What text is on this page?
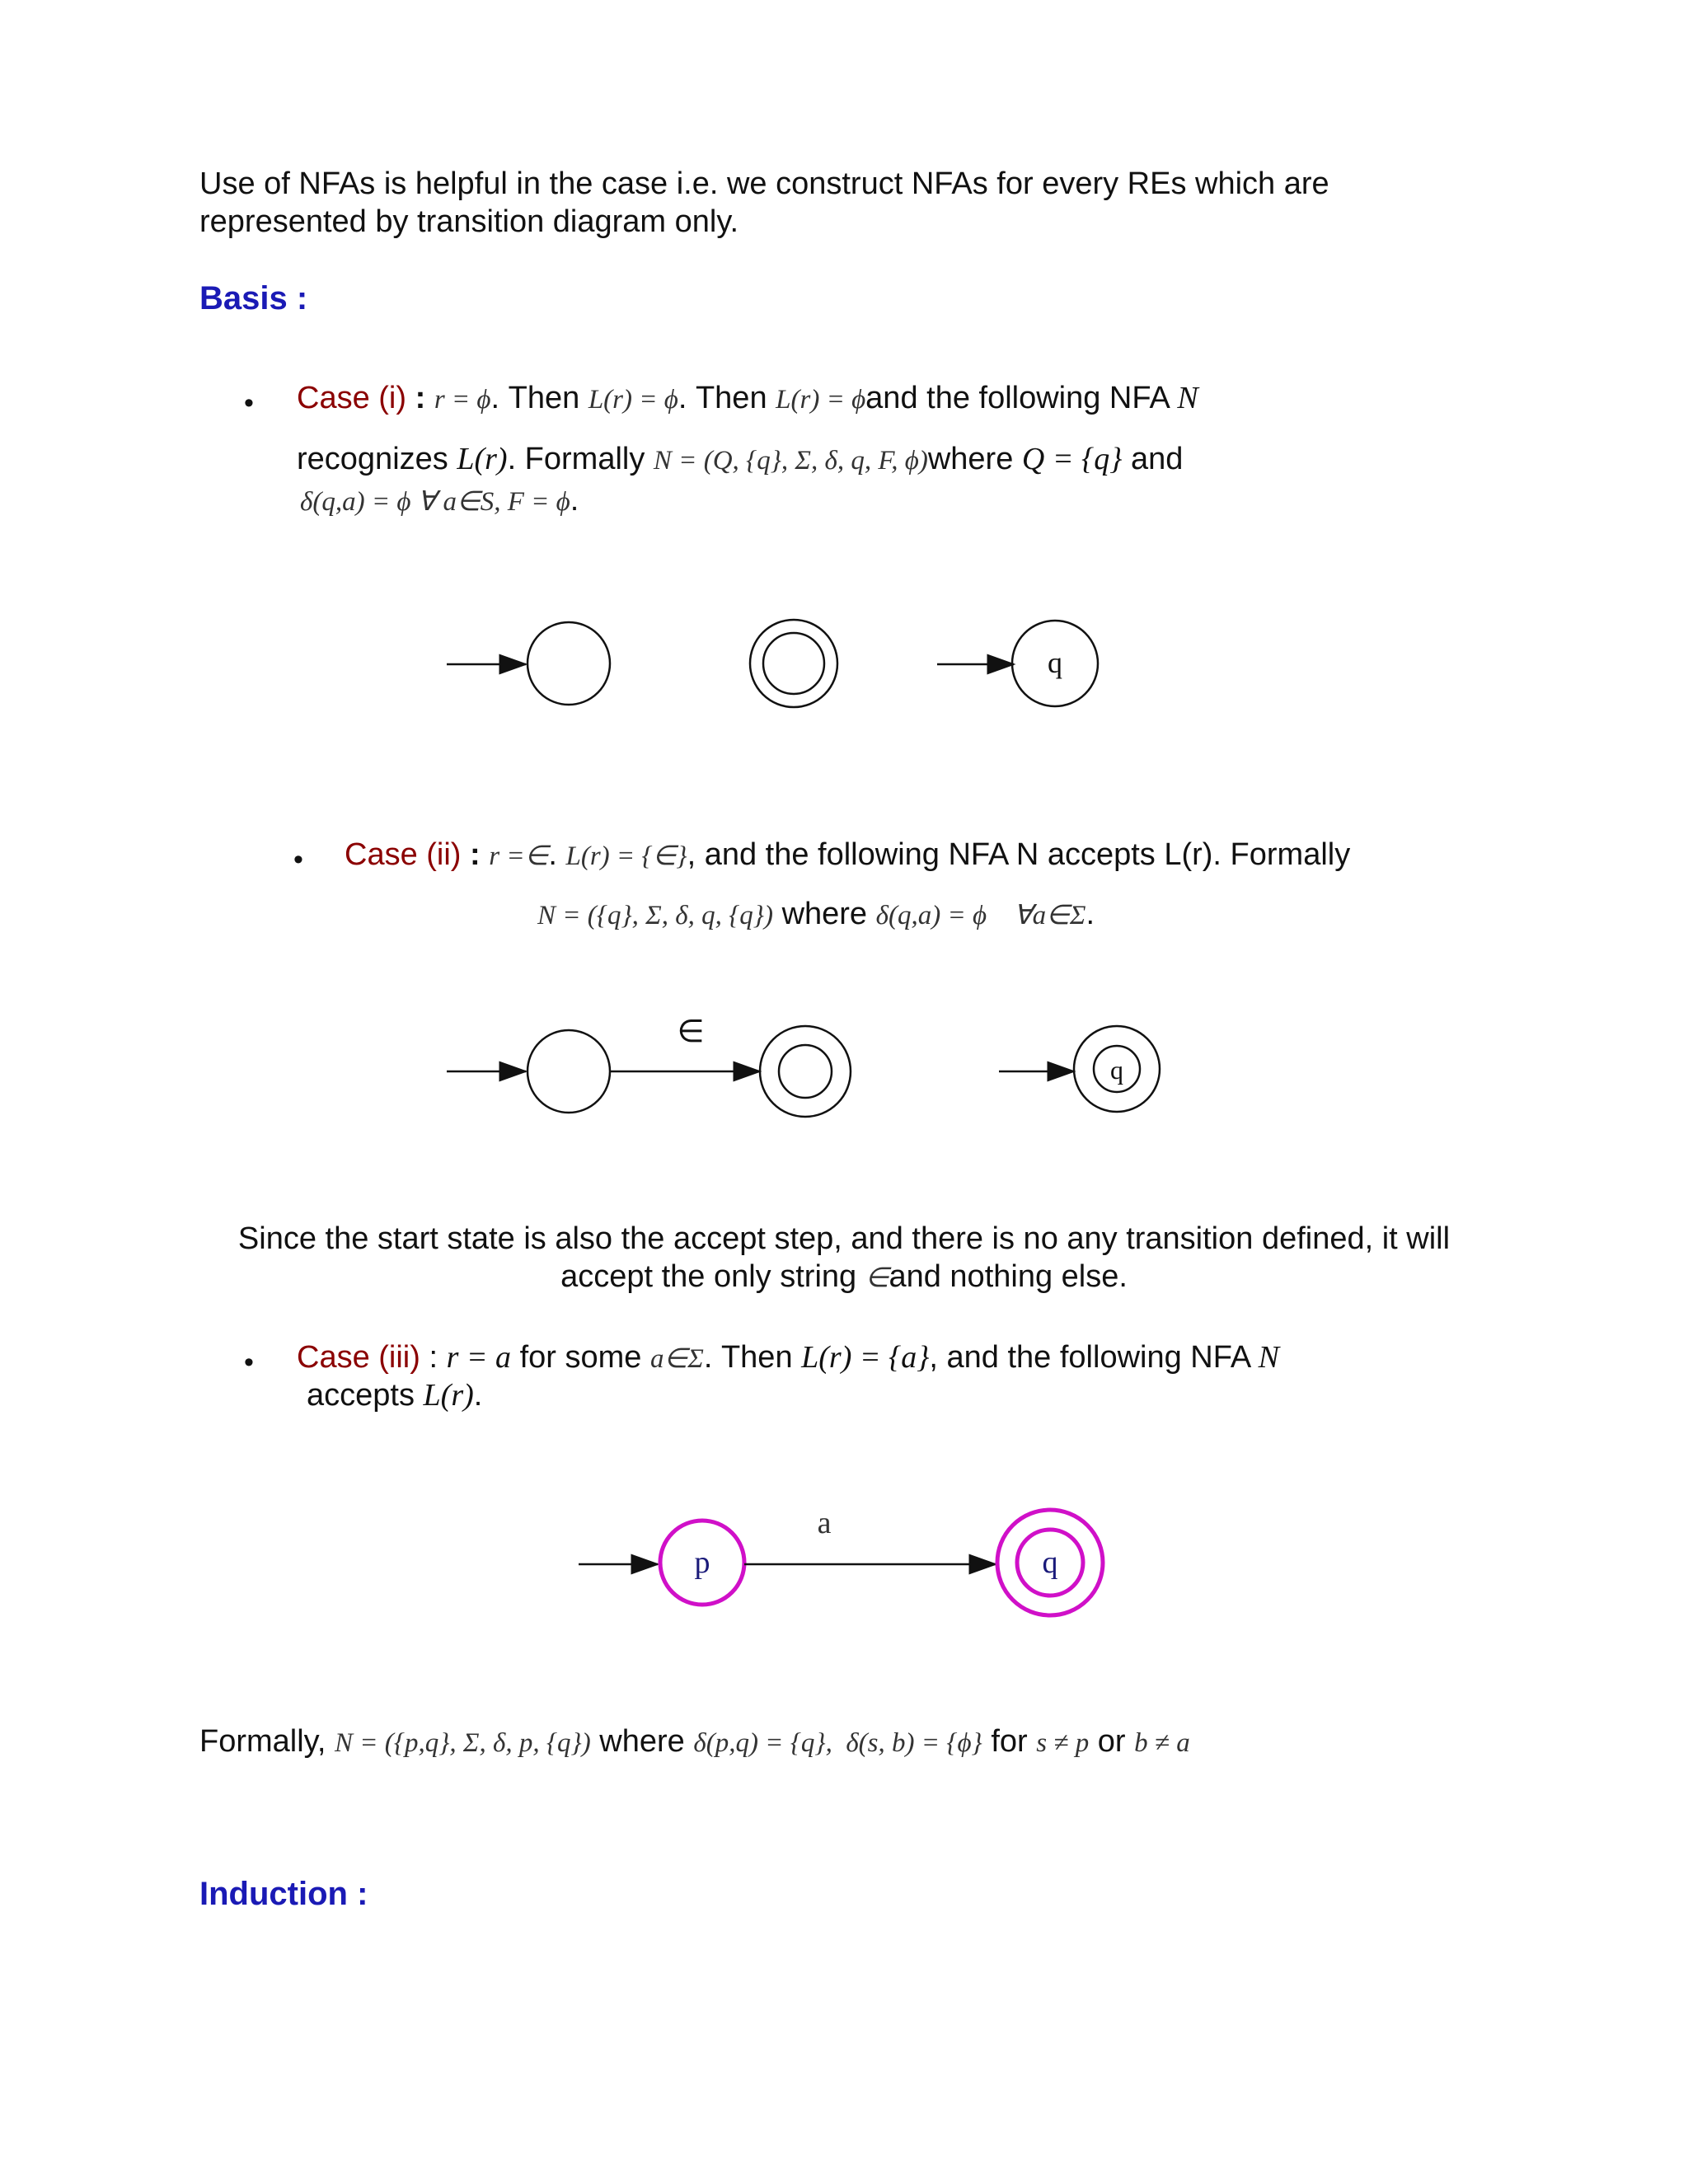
Use of NFAs is helpful in the case i.e. we construct NFAs for every REs which are
represented by transition diagram only.
Basis :
• Case (i) : r = ϕ. Then L(r) = ϕ. Then L(r) = ϕand the following NFA N
recognizes L(r). Formally N = (Q, {q}, Σ, δ, q, F, ϕ)where Q = {q} and
δ(q,a) = ϕ ∀ a∈S, F = ϕ.
q
• Case (ii) : r =∈. L(r) = {∈}, and the following NFA N accepts L(r). Formally
N = ({q}, Σ, δ, q, {q}) where δ(q,a) = ϕ    ∀a∈Σ.
∈
q
Since the start state is also the accept step, and there is no any transition defined, it will
accept the only string ∈and nothing else.
• Case (iii) : r = a for some a∈Σ. Then L(r) = {a}, and the following NFA N
accepts L(r).
p
a
q
Formally, N = ({p,q}, Σ, δ, p, {q}) where δ(p,q) = {q},  δ(s, b) = {ϕ} for s ≠ p or b ≠ a
Induction :
